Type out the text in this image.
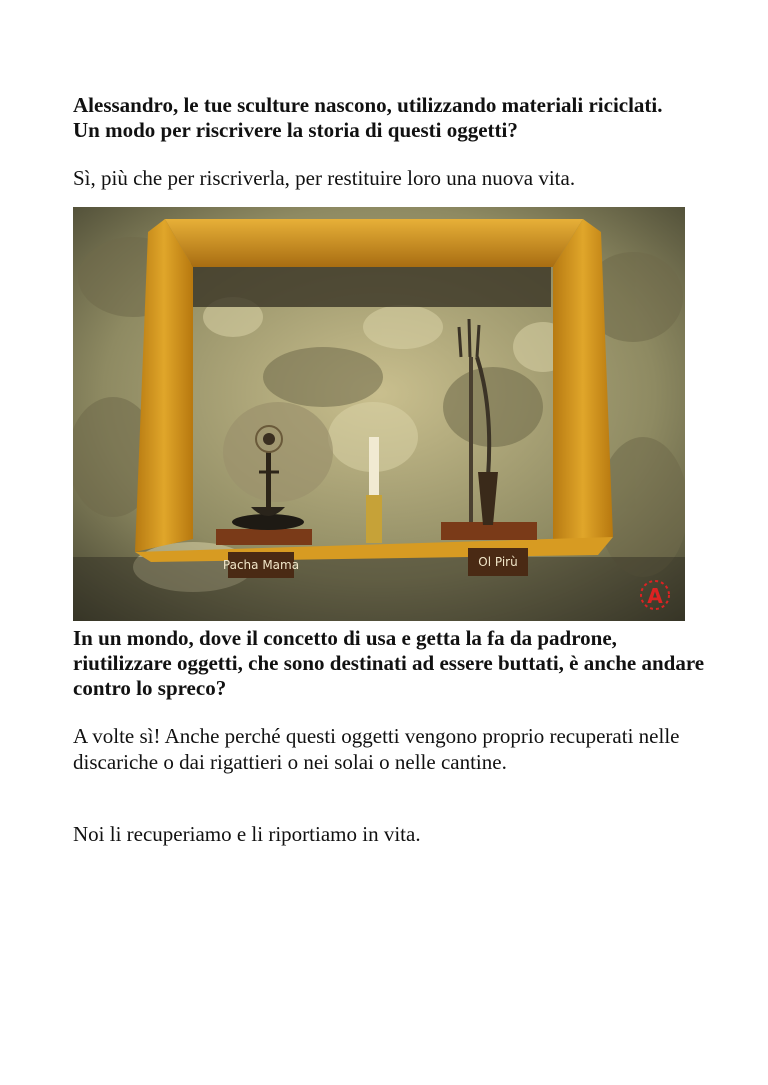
Alessandro, le tue sculture nascono, utilizzando materiali riciclati. Un modo per riscrivere la storia di questi oggetti?

Sì, più che per riscriverla, per restituire loro una nuova vita.

Pacha Mama	Ol Pirù
A

In un mondo, dove il concetto di usa e getta la fa da padrone, riutilizzare oggetti, che sono destinati ad essere buttati, è anche andare contro lo spreco?

A volte sì! Anche perché questi oggetti vengono proprio recuperati nelle discariche o dai rigattieri o nei solai o nelle cantine.

Noi li recuperiamo e li riportiamo in vita.
